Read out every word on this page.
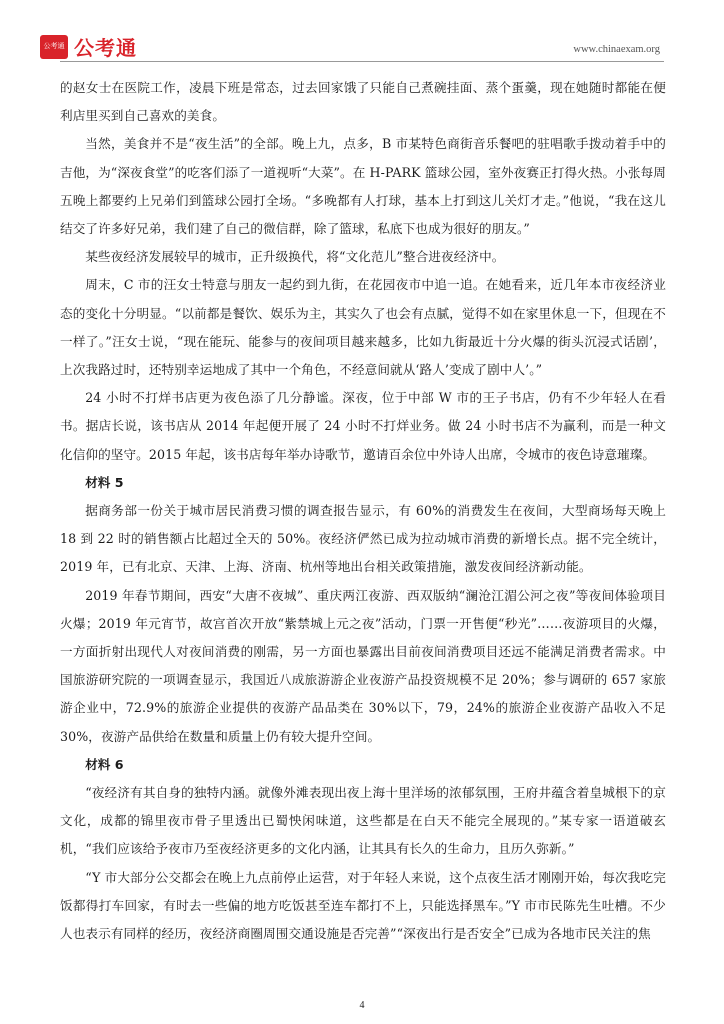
公考通 公考通	www.chinaexam.org

的赵女士在医院工作，凌晨下班是常态，过去回家饿了只能自己煮碗挂面、蒸个蛋羹，现在她随时都能在便利店里买到自己喜欢的美食。

当然，美食并不是“夜生活”的全部。晚上九，点多，B 市某特色商街音乐餐吧的驻唱歌手拨动着手中的吉他，为“深夜食堂”的吃客们添了一道视听“大菜”。在 H-PARK 篮球公园，室外夜赛正打得火热。小张每周五晚上都要约上兄弟们到篮球公园打全场。“多晚都有人打球，基本上打到这儿关灯才走。”他说，“我在这儿结交了许多好兄弟，我们建了自己的微信群，除了篮球，私底下也成为很好的朋友。”

某些夜经济发展较早的城市，正升级换代，将“文化范儿”整合进夜经济中。

周末，C 市的汪女士特意与朋友一起约到九街，在花园夜市中追一追。在她看来，近几年本市夜经济业态的变化十分明显。“以前都是餐饮、娱乐为主，其实久了也会有点腻，觉得不如在家里休息一下，但现在不一样了。”汪女士说，“现在能玩、能参与的夜间项目越来越多，比如九街最近十分火爆的街头沉浸式话剧’，上次我路过时，还特别幸运地成了其中一个角色，不经意间就从‘路人’变成了剧中人’。”

24 小时不打烊书店更为夜色添了几分静谧。深夜，位于中部 W 市的王子书店，仍有不少年轻人在看书。据店长说，该书店从 2014 年起便开展了 24 小时不打烊业务。做 24 小时书店不为赢利，而是一种文化信仰的坚守。2015 年起，该书店每年举办诗歌节，邀请百余位中外诗人出席，令城市的夜色诗意璀璨。

材料 5

据商务部一份关于城市居民消费习惯的调查报告显示，有 60%的消费发生在夜间，大型商场每天晚上 18 到 22 时的销售额占比超过全天的 50%。夜经济俨然已成为拉动城市消费的新增长点。据不完全统计，2019 年，已有北京、天津、上海、济南、杭州等地出台相关政策措施，激发夜间经济新动能。

2019 年春节期间，西安“大唐不夜城”、重庆两江夜游、西双版纳“澜沧江湄公河之夜”等夜间体验项目火爆；2019 年元宵节，故宫首次开放“紫禁城上元之夜”活动，门票一开售便“秒光”……夜游项目的火爆，一方面折射出现代人对夜间消费的刚需，另一方面也暴露出目前夜间消费项目还远不能满足消费者需求。中国旅游研究院的一项调查显示，我国近八成旅游游企业夜游产品投资规模不足 20%；参与调研的 657 家旅游企业中，72.9%的旅游企业提供的夜游产品品类在 30%以下，79，24%的旅游企业夜游产品收入不足 30%，夜游产品供给在数量和质量上仍有较大提升空间。

材料 6

“夜经济有其自身的独特内涵。就像外滩表现出夜上海十里洋场的浓郁氛围，王府井蕴含着皇城根下的京文化，成都的锦里夜市骨子里透出已蜀怏闲味道，这些都是在白天不能完全展现的。”某专家一语道破玄机，“我们应该给予夜市乃至夜经济更多的文化内涵，让其具有长久的生命力，且历久弥新。”

“Y 市大部分公交都会在晚上九点前停止运营，对于年轻人来说，这个点夜生活才刚刚开始，每次我吃完饭都得打车回家，有时去一些偏的地方吃饭甚至连车都打不上，只能选择黑车。”Y 市市民陈先生吐槽。不少人也表示有同样的经历，夜经济商圈周围交通设施是否完善”“深夜出行是否安全”已成为各地市民关注的焦

4
